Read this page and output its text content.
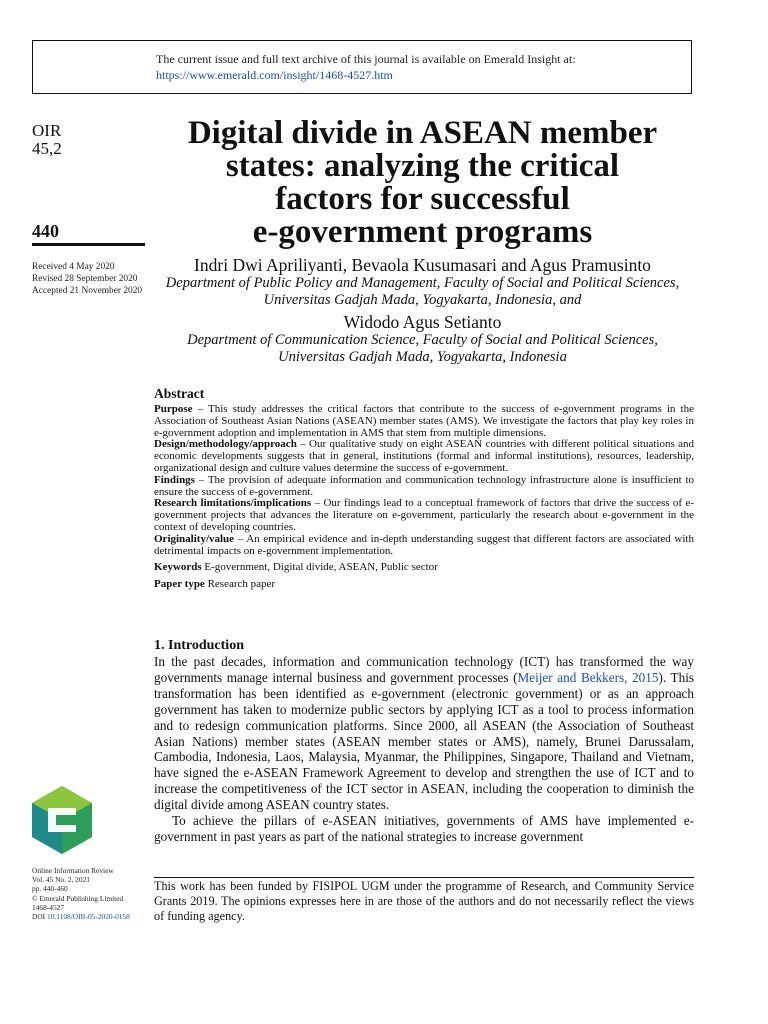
The current issue and full text archive of this journal is available on Emerald Insight at:
https://www.emerald.com/insight/1468-4527.htm
OIR
45,2
440
Received 4 May 2020
Revised 28 September 2020
Accepted 21 November 2020
Digital divide in ASEAN member
states: analyzing the critical
factors for successful
e-government programs
Indri Dwi Apriliyanti, Bevaola Kusumasari and Agus Pramusinto
Department of Public Policy and Management, Faculty of Social and Political Sciences,
Universitas Gadjah Mada, Yogyakarta, Indonesia, and
Widodo Agus Setianto
Department of Communication Science, Faculty of Social and Political Sciences,
Universitas Gadjah Mada, Yogyakarta, Indonesia
Abstract

Purpose – This study addresses the critical factors that contribute to the success of e-government programs in the Association of Southeast Asian Nations (ASEAN) member states (AMS). We investigate the factors that play key roles in e-government adoption and implementation in AMS that stem from multiple dimensions.

Design/methodology/approach – Our qualitative study on eight ASEAN countries with different political situations and economic developments suggests that in general, institutions (formal and informal institutions), resources, leadership, organizational design and culture values determine the success of e-government.

Findings – The provision of adequate information and communication technology infrastructure alone is insufficient to ensure the success of e-government.

Research limitations/implications – Our findings lead to a conceptual framework of factors that drive the success of e-government projects that advances the literature on e-government, particularly the research about e-government in the context of developing countries.

Originality/value – An empirical evidence and in-depth understanding suggest that different factors are associated with detrimental impacts on e-government implementation.

Keywords E-government, Digital divide, ASEAN, Public sector

Paper type Research paper

1. Introduction

In the past decades, information and communication technology (ICT) has transformed the way governments manage internal business and government processes (Meijer and Bekkers, 2015). This transformation has been identified as e-government (electronic government) or as an approach government has taken to modernize public sectors by applying ICT as a tool to process information and to redesign communication platforms. Since 2000, all ASEAN (the Association of Southeast Asian Nations) member states (ASEAN member states or AMS), namely, Brunei Darussalam, Cambodia, Indonesia, Laos, Malaysia, Myanmar, the Philippines, Singapore, Thailand and Vietnam, have signed the e-ASEAN Framework Agreement to develop and strengthen the use of ICT and to increase the competitiveness of the ICT sector in ASEAN, including the cooperation to diminish the digital divide among ASEAN country states.

To achieve the pillars of e-ASEAN initiatives, governments of AMS have implemented e-government in past years as part of the national strategies to increase government

This work has been funded by FISIPOL UGM under the programme of Research, and Community Service Grants 2019. The opinions expresses here in are those of the authors and do not necessarily reflect the views of funding agency.
Online Information Review
Vol. 45 No. 2, 2021
pp. 440-460
© Emerald Publishing Limited
1468-4527
DOI 10.1108/OIR-05-2020-0158
